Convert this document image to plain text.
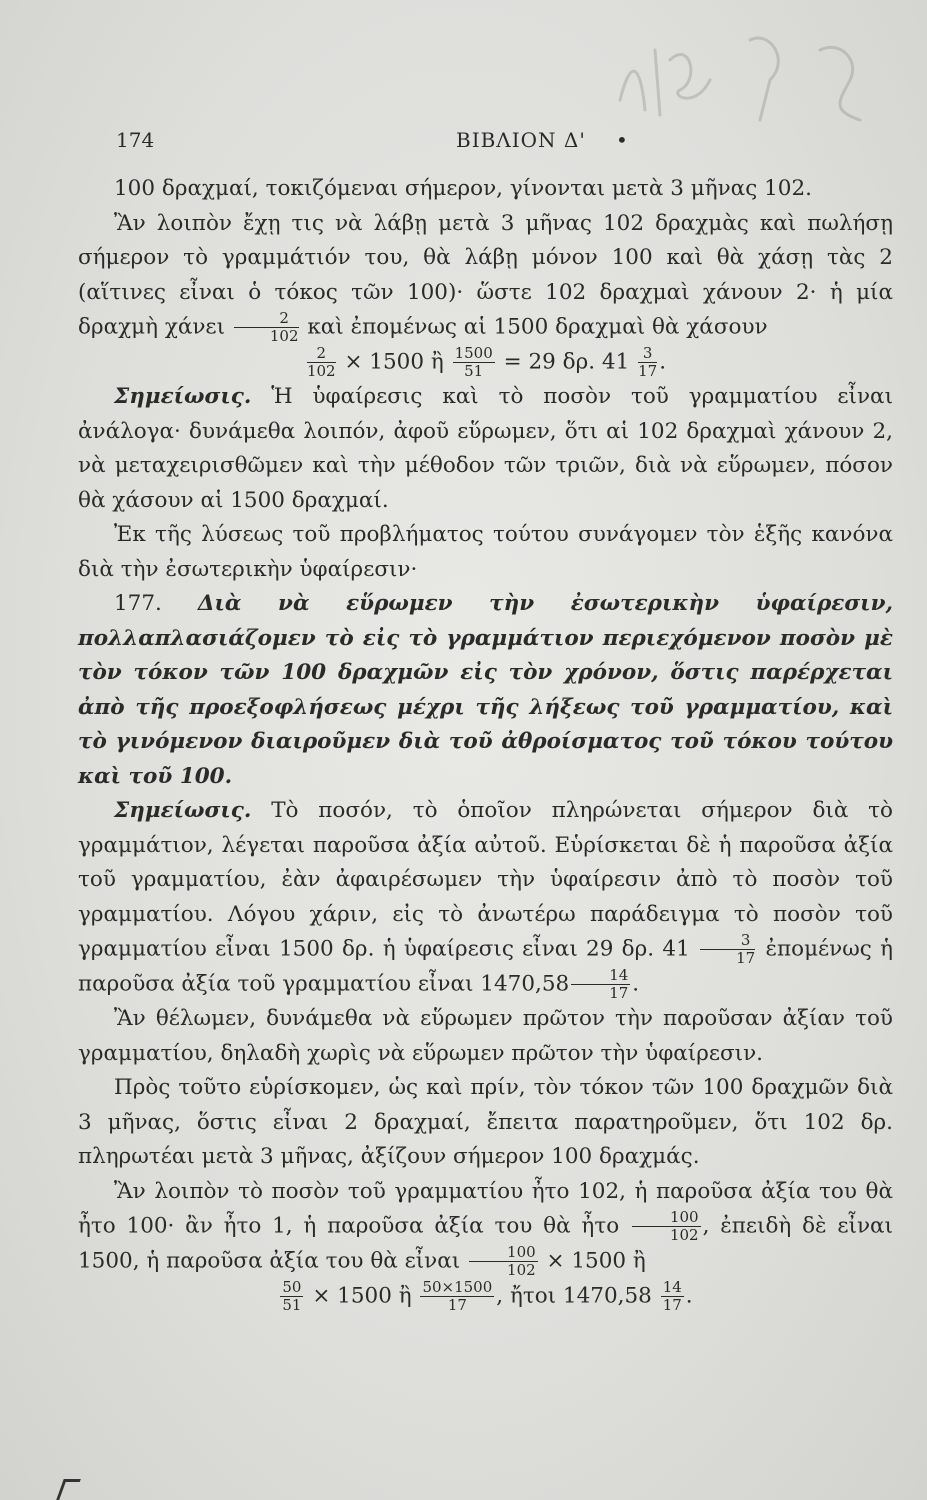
174	ΒΙΒΛΙΟΝ Δ' •

100 δραχμαί, τοκιζόμεναι σήμερον, γίνονται μετὰ 3 μῆνας 102.

Ἂν λοιπὸν ἔχῃ τις νὰ λάβῃ μετὰ 3 μῆνας 102 δραχμὰς καὶ πωλήσῃ σήμερον τὸ γραμμάτιόν του, θὰ λάβῃ μόνον 100 καὶ θὰ χάσῃ τὰς 2 (αἵτινες εἶναι ὁ τόκος τῶν 100)· ὥστε 102 δραχμαὶ χάνουν 2· ἡ μία δραχμὴ χάνει $\frac{2}{102}$ καὶ ἐπομένως αἱ 1500 δραχμαὶ θὰ χάσουν

$\frac{2}{102} \times 1500$ ἢ $\frac{1500}{51} = 29$ δρ. $41 \frac{3}{17}$ .

Σημείωσις. Ἡ ὑφαίρεσις καὶ τὸ ποσὸν τοῦ γραμματίου εἶναι ἀνάλογα· δυνάμεθα λοιπόν, ἀφοῦ εὕρωμεν, ὅτι αἱ 102 δραχμαὶ χάνουν 2, νὰ μεταχειρισθῶμεν καὶ τὴν μέθοδον τῶν τριῶν, διὰ νὰ εὕρωμεν, πόσον θὰ χάσουν αἱ 1500 δραχμαί.

Ἐκ τῆς λύσεως τοῦ προβλήματος τούτου συνάγομεν τὸν ἑξῆς κανόνα διὰ τὴν ἐσωτερικὴν ὑφαίρεσιν·

177. Διὰ νὰ εὕρωμεν τὴν ἐσωτερικὴν ὑφαίρεσιν, πολλαπλασιάζομεν τὸ εἰς τὸ γραμμάτιον περιεχόμενον ποσὸν μὲ τὸν τόκον τῶν 100 δραχμῶν εἰς τὸν χρόνον, ὅστις παρέρχεται ἀπὸ τῆς προεξοφλήσεως μέχρι τῆς λήξεως τοῦ γραμματίου, καὶ τὸ γινόμενον διαιροῦμεν διὰ τοῦ ἀθροίσματος τοῦ τόκου τούτου καὶ τοῦ 100.

Σημείωσις. Τὸ ποσόν, τὸ ὁποῖον πληρώνεται σήμερον διὰ τὸ γραμμάτιον, λέγεται παροῦσα ἀξία αὐτοῦ. Εὑρίσκεται δὲ ἡ παροῦσα ἀξία τοῦ γραμματίου, ἐὰν ἀφαιρέσωμεν τὴν ὑφαίρεσιν ἀπὸ τὸ ποσὸν τοῦ γραμματίου. Λόγου χάριν, εἰς τὸ ἀνωτέρω παράδειγμα τὸ ποσὸν τοῦ γραμματίου εἶναι 1500 δρ. ἡ ὑφαίρεσις εἶναι 29 δρ. $41 \frac{3}{17}$ ἐπομένως ἡ παροῦσα ἀξία τοῦ γραμματίου εἶναι $1470,58 \frac{14}{17}$ .

Ἂν θέλωμεν, δυνάμεθα νὰ εὕρωμεν πρῶτον τὴν παροῦσαν ἀξίαν τοῦ γραμματίου, δηλαδὴ χωρὶς νὰ εὕρωμεν πρῶτον τὴν ὑφαίρεσιν.

Πρὸς τοῦτο εὑρίσκομεν, ὡς καὶ πρίν, τὸν τόκον τῶν 100 δραχμῶν διὰ 3 μῆνας, ὅστις εἶναι 2 δραχμαί, ἔπειτα παρατηροῦμεν, ὅτι 102 δρ. πληρωτέαι μετὰ 3 μῆνας, ἀξίζουν σήμερον 100 δραχμάς.

Ἂν λοιπὸν τὸ ποσὸν τοῦ γραμματίου ἦτο 102, ἡ παροῦσα ἀξία του θὰ ἦτο 100· ἂν ἦτο 1, ἡ παροῦσα ἀξία του θὰ ἦτο $\frac{100}{102}$ , ἐπειδὴ δὲ εἶναι 1500, ἡ παροῦσα ἀξία του θὰ εἶναι $\frac{100}{102} \times 1500$ ἢ

$\frac{50}{51} \times 1500$ ἢ $\frac{50\times 1500}{17}$ , ἤτοι $1470,58 \frac{14}{17}$ .
